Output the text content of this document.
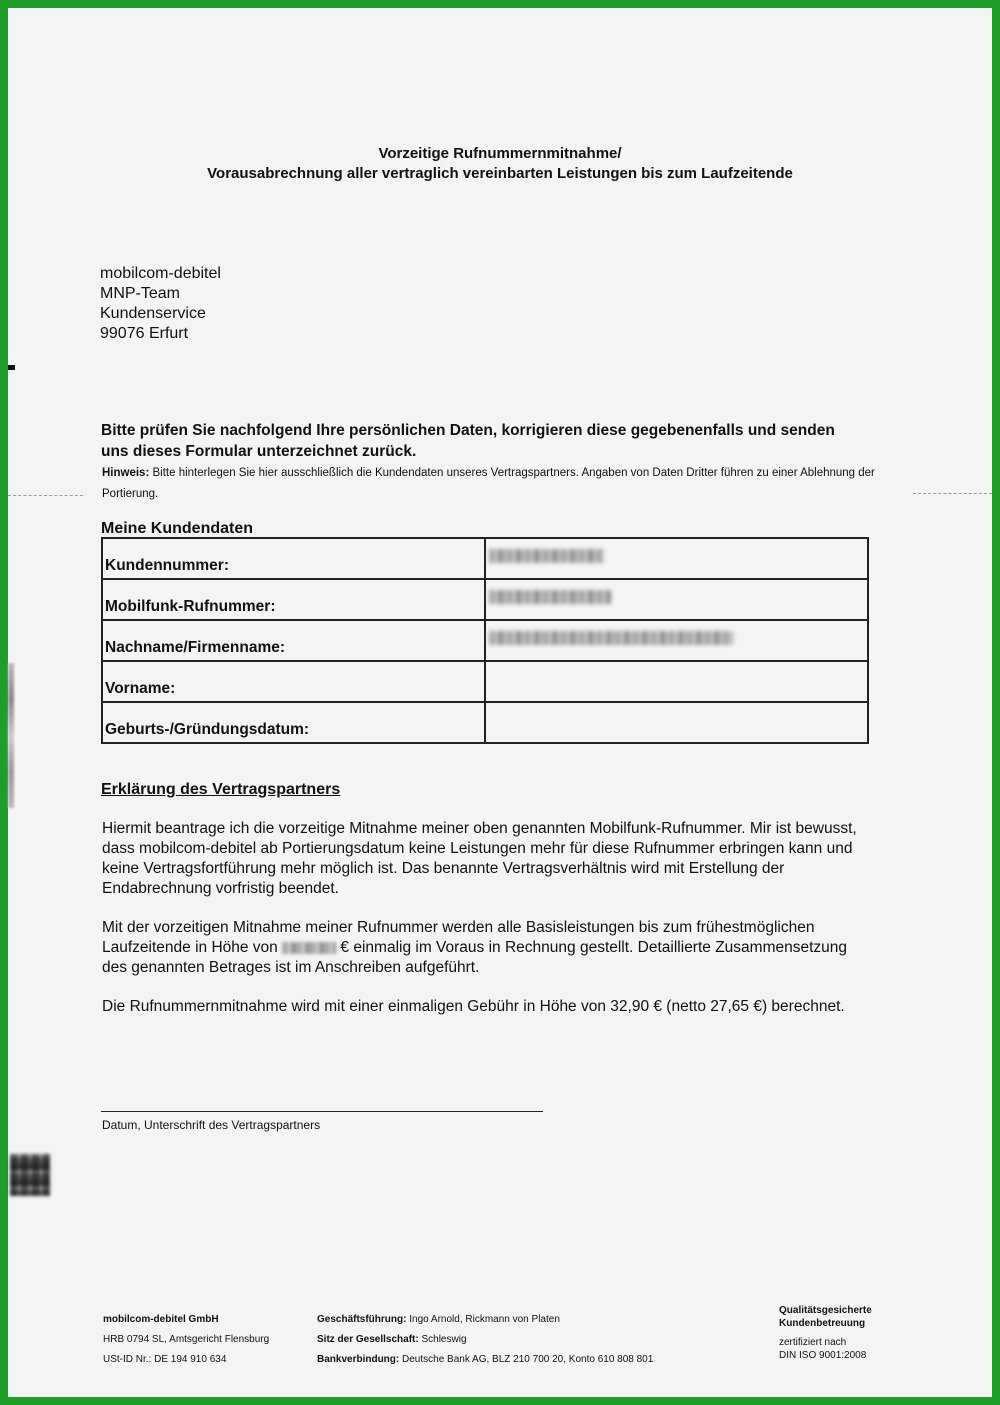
Vorzeitige Rufnummernmitnahme/
Vorausabrechnung aller vertraglich vereinbarten Leistungen bis zum Laufzeitende
mobilcom-debitel
MNP-Team
Kundenservice
99076 Erfurt
Bitte prüfen Sie nachfolgend Ihre persönlichen Daten, korrigieren diese gegebenenfalls und senden uns dieses Formular unterzeichnet zurück.
Hinweis: Bitte hinterlegen Sie hier ausschließlich die Kundendaten unseres Vertragspartners. Angaben von Daten Dritter führen zu einer Ablehnung der Portierung.
Meine Kundendaten
Kundennummer:	
Mobilfunk-Rufnummer:	
Nachname/Firmenname:	
Vorname:	
Geburts-/Gründungsdatum:	
Erklärung des Vertragspartners
Hiermit beantrage ich die vorzeitige Mitnahme meiner oben genannten Mobilfunk-Rufnummer. Mir ist bewusst, dass mobilcom-debitel ab Portierungsdatum keine Leistungen mehr für diese Rufnummer erbringen kann und keine Vertragsfortführung mehr möglich ist. Das benannte Vertragsverhältnis wird mit Erstellung der Endabrechnung vorfristig beendet.
Mit der vorzeitigen Mitnahme meiner Rufnummer werden alle Basisleistungen bis zum frühestmöglichen Laufzeitende in Höhe von	€ einmalig im Voraus in Rechnung gestellt. Detaillierte Zusammensetzung des genannten Betrages ist im Anschreiben aufgeführt.
Die Rufnummernmitnahme wird mit einer einmaligen Gebühr in Höhe von 32,90 € (netto 27,65 €) berechnet.
Datum, Unterschrift des Vertragspartners
mobilcom-debitel GmbH
HRB 0794 SL, Amtsgericht Flensburg
USt-ID Nr.: DE 194 910 634
Geschäftsführung: Ingo Arnold, Rickmann von Platen
Sitz der Gesellschaft: Schleswig
Bankverbindung: Deutsche Bank AG, BLZ 210 700 20, Konto 610 808 801
Qualitätsgesicherte
Kundenbetreuung
zertifiziert nach
DIN ISO 9001:2008
